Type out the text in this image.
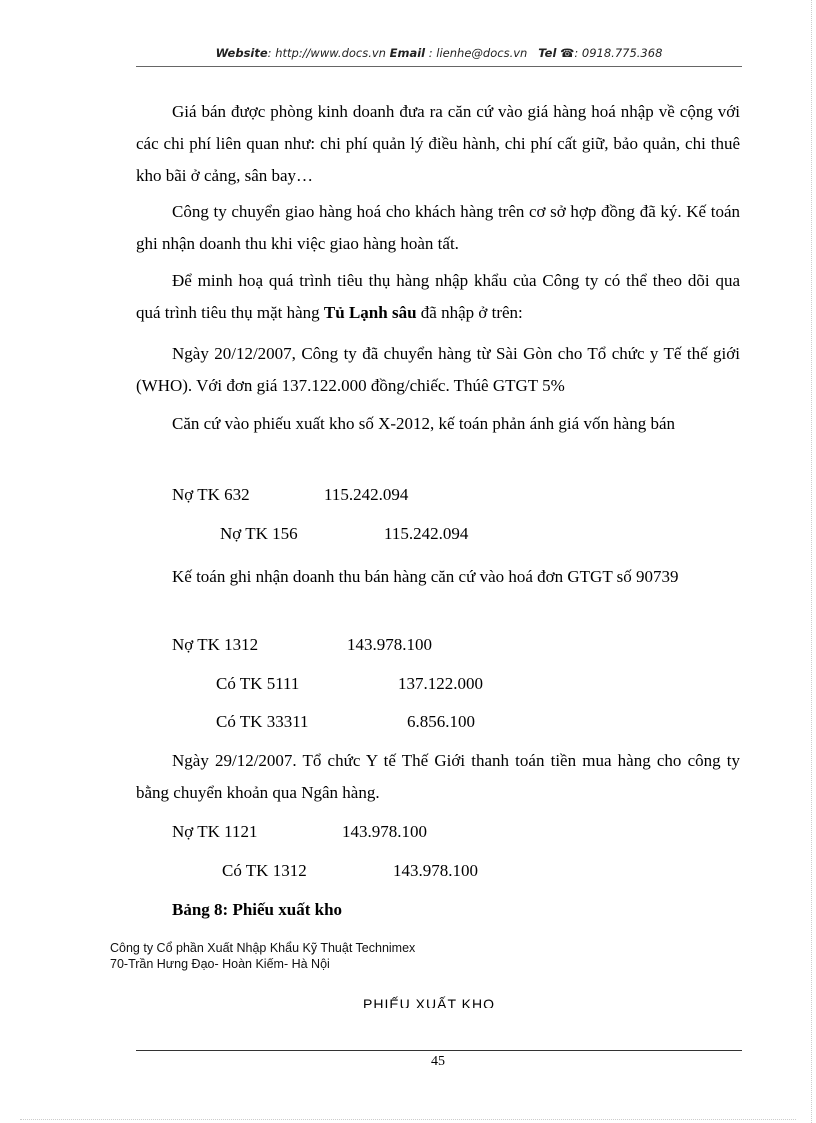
Website: http://www.docs.vn Email : lienhe@docs.vn Tel ☎: 0918.775.368
Giá bán được phòng kinh doanh đưa ra căn cứ vào giá hàng hoá nhập về cộng với các chi phí liên quan như: chi phí quản lý điều hành, chi phí cất giữ, bảo quản, chi thuê kho bãi ở cảng, sân bay…
Công ty chuyển giao hàng hoá cho khách hàng trên cơ sở hợp đồng đã ký. Kế toán ghi nhận doanh thu khi việc giao hàng hoàn tất.
Để minh hoạ quá trình tiêu thụ hàng nhập khẩu của Công ty có thể theo dõi qua quá trình tiêu thụ mặt hàng Tủ Lạnh sâu đã nhập ở trên:
Ngày 20/12/2007, Công ty đã chuyển hàng từ Sài Gòn cho Tổ chức y Tế thế giới (WHO). Với đơn giá 137.122.000 đồng/chiếc. Thúê GTGT 5%
Căn cứ vào phiếu xuất kho số X-2012, kế toán phản ánh giá vốn hàng bán
Nợ TK 632	115.242.094
Nợ TK 156	115.242.094
Kế toán ghi nhận doanh thu bán hàng căn cứ vào hoá đơn GTGT số 90739
Nợ TK 1312	143.978.100
Có TK 5111	137.122.000
Có TK 33311	6.856.100
Ngày 29/12/2007. Tổ chức Y tế Thế Giới thanh toán tiền mua hàng cho công ty bằng chuyển khoản qua Ngân hàng.
Nợ TK 1121	143.978.100
Có TK 1312	143.978.100
Bảng 8: Phiếu xuất kho
Công ty Cổ phần Xuất Nhập Khẩu Kỹ Thuật Technimex
70-Trần Hưng Đạo- Hoàn Kiếm- Hà Nội
PHIẾU XUẤT KHO
45
